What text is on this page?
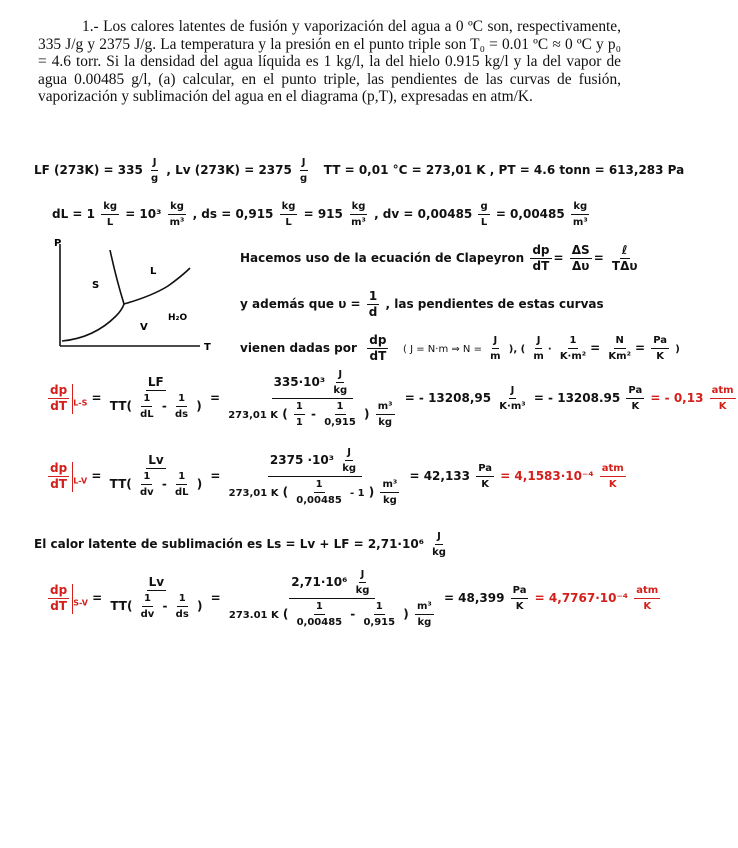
1.- Los calores latentes de fusión y vaporización del agua a 0 ºC son, respectivamente, 335 J/g y 2375 J/g. La temperatura y la presión en el punto triple son T₀ = 0.01 ºC ≈ 0 ºC y p₀ = 4.6 torr. Si la densidad del agua líquida es 1 kg/l, la del hielo 0.915 kg/l y la del vapor de agua 0.00485 g/l, (a) calcular, en el punto triple, las pendientes de las curvas de fusión, vaporización y sublimación del agua en el diagrama (p,T), expresadas en atm/K.

LF $(273K) = 335 \frac{J}{g}$ , Lv $(273K) = 2375 \frac{J}{g}$ TT = 0,01 °C = 273,01 K , PT = 4.6 tonn = 613,283 Pa
dL = $1 \frac{kg}{L} = 10^3 \frac{kg}{\text{m³}}$ , ds = $0,915 \frac{kg}{L} = 915 \frac{kg}{\text{m³}}$ , dv = $0,00485 \frac{g}{L} = 0,00485 \frac{kg}{\text{m³}}$
P
T
S
L
V
H₂O
Hacemos uso de la ecuación de Clapeyron $\frac{dp}{dT} = \frac{\Delta S}{\Delta\upsilon} = \frac{\text{ℓ}}{\text{TΔυ}}$
y además que $\upsilon = \frac{1}{d}$ , las pendientes de estas curvas
vienen dadas por $\frac{dp}{dT}$ ( J = N·m ⇒ $N = \frac{J}{m}$ ), ( $\frac{J}{m} \cdot \frac{1}{\text{K·m²}} = \frac{N}{\text{Km²}} = \frac{Pa}{K}$ )
$\frac{dp}{dT} _{L-S} = \frac{LF}{TT( \frac{1}{dL} - \frac{1}{ds} )} = \frac{335\cdot 10^3 \frac{J}{kg}}{273,01 K ( \frac{1}{1} - \frac{1}{0,915} ) \frac{\text{m³}}{kg}}$ = - $13208,95 \frac{J}{\text{K·m³}}$ = - $13208.95 \frac{Pa}{K}$ = - $0,13 \frac{\text{atm}}{K}$
$\frac{dp}{dT} _{L-V} = \frac{Lv}{TT( \frac{1}{dv} - \frac{1}{dL} )} = \frac{2375 \cdot 10^3 \frac{J}{kg}}{273,01 K ( \frac{1}{0,00485} - 1 ) \frac{\text{m³}}{kg}} = 42,133 \frac{Pa}{K} = 4,1583\cdot 10^{-4} \frac{\text{atm}}{K}$
El calor latente de sublimación es Ls = Lv + LF = $2,71\cdot 10^6 \frac{J}{kg}$
$\frac{dp}{dT} _{S-V} = \frac{Lv}{TT( \frac{1}{dv} - \frac{1}{ds} )} = \frac{2,71\cdot 10^6 \frac{J}{kg}}{273.01 K ( \frac{1}{0,00485} - \frac{1}{0,915} ) \frac{\text{m³}}{kg}} = 48,399 \frac{Pa}{K} = 4,7767\cdot 10^{-4} \frac{\text{atm}}{K}$
